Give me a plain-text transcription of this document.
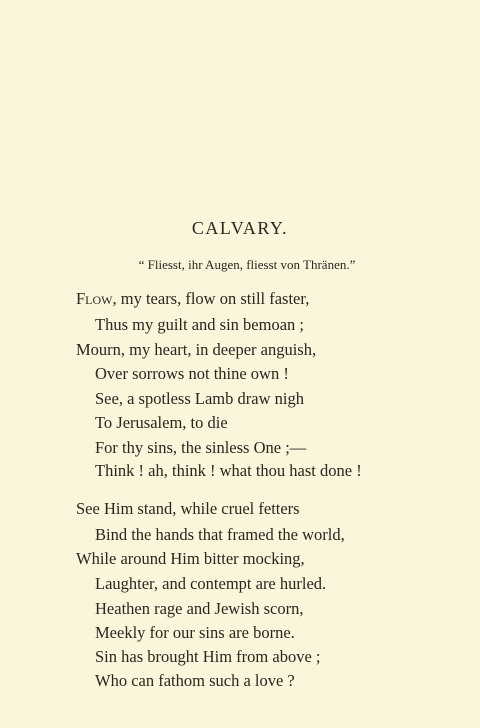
CALVARY.

“ Fliesst, ihr Augen, fliesst von Thränen.”

Flow, my tears, flow on still faster,

Thus my guilt and sin bemoan ;

Mourn, my heart, in deeper anguish,

Over sorrows not thine own !

See, a spotless Lamb draw nigh

To Jerusalem, to die

For thy sins, the sinless One ;—

Think ! ah, think ! what thou hast done !

See Him stand, while cruel fetters

Bind the hands that framed the world,

While around Him bitter mocking,

Laughter, and contempt are hurled.

Heathen rage and Jewish scorn,

Meekly for our sins are borne.

Sin has brought Him from above ;

Who can fathom such a love ?
